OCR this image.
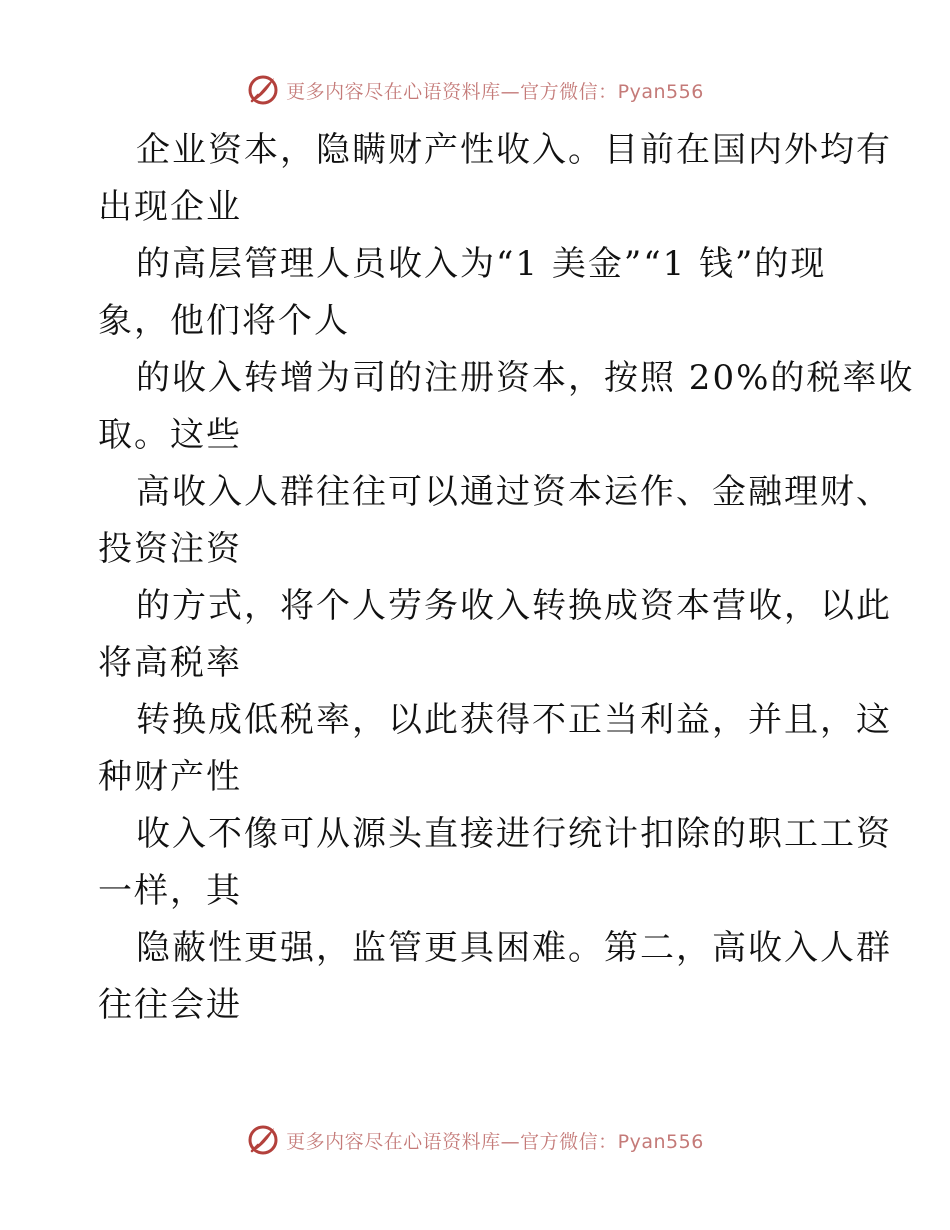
更多内容尽在心语资料库—官方微信：Pyan556
企业资本，隐瞒财产性收入。目前在国内外均有
出现企业
的高层管理人员收入为“1 美金”“1 钱”的现
象，他们将个人
的收入转增为司的注册资本，按照 20%的税率收
取。这些
高收入人群往往可以通过资本运作、金融理财、
投资注资
的方式，将个人劳务收入转换成资本营收，以此
将高税率
转换成低税率，以此获得不正当利益，并且，这
种财产性
收入不像可从源头直接进行统计扣除的职工工资
一样，其
隐蔽性更强，监管更具困难。第二，高收入人群
往往会进
更多内容尽在心语资料库—官方微信：Pyan556
